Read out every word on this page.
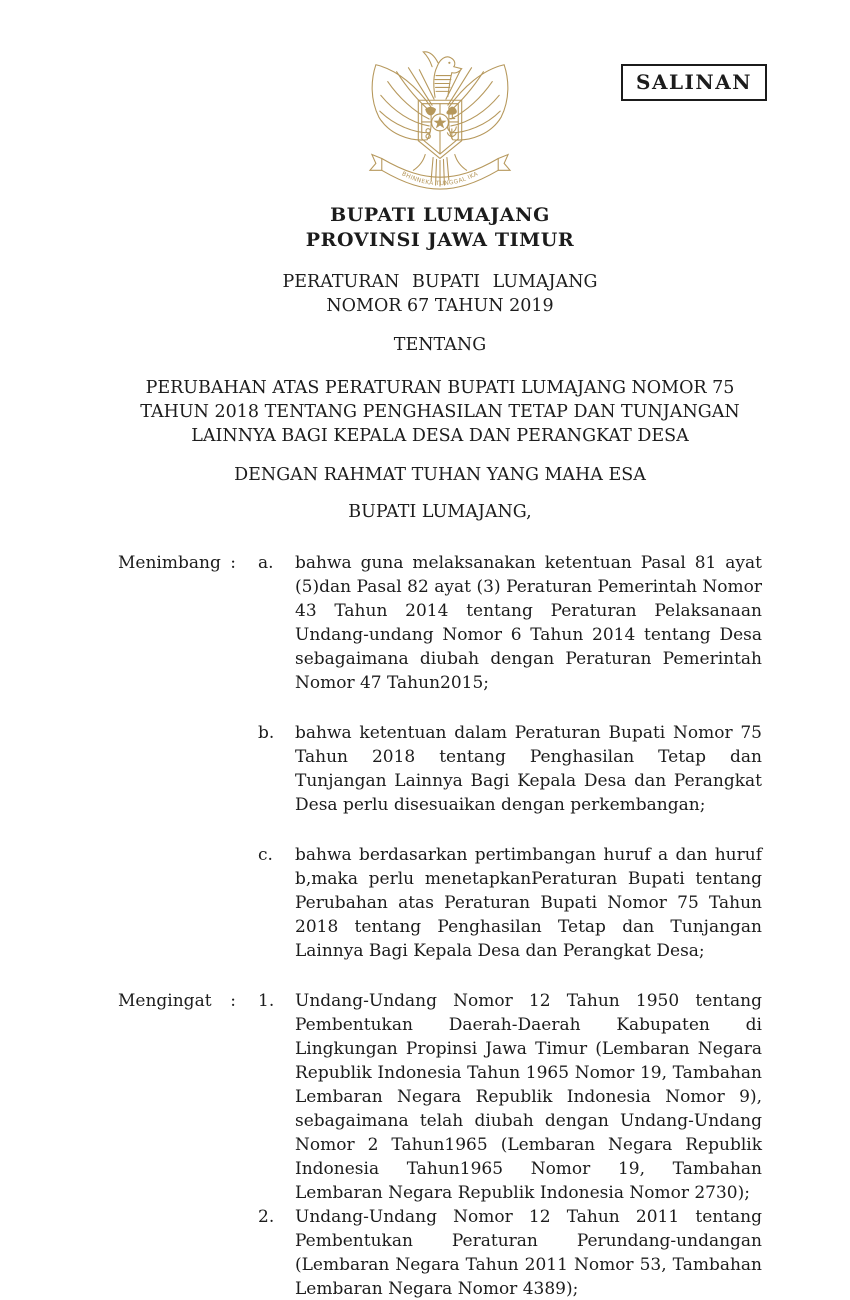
SALINAN
BHINNEKA TUNGGAL IKA
BUPATI LUMAJANG
PROVINSI JAWA TIMUR
PERATURAN BUPATI LUMAJANG
NOMOR 67 TAHUN 2019
TENTANG
PERUBAHAN ATAS PERATURAN BUPATI LUMAJANG NOMOR 75 TAHUN 2018 TENTANG PENGHASILAN TETAP DAN TUNJANGAN LAINNYA BAGI KEPALA DESA DAN PERANGKAT DESA
DENGAN RAHMAT TUHAN YANG MAHA ESA
BUPATI LUMAJANG,
Menimbang : a.	bahwa guna melaksanakan ketentuan Pasal 81 ayat (5)dan Pasal 82 ayat (3) Peraturan Pemerintah Nomor 43 Tahun 2014 tentang Peraturan Pelaksanaan Undang-undang Nomor 6 Tahun 2014 tentang Desa sebagaimana diubah dengan Peraturan Pemerintah Nomor 47 Tahun2015;
b.	bahwa ketentuan dalam Peraturan Bupati Nomor 75 Tahun 2018 tentang Penghasilan Tetap dan Tunjangan Lainnya Bagi Kepala Desa dan Perangkat Desa perlu disesuaikan dengan perkembangan;
c.	bahwa berdasarkan pertimbangan huruf a dan huruf b,maka perlu menetapkanPeraturan Bupati tentang Perubahan atas Peraturan Bupati Nomor 75 Tahun 2018 tentang Penghasilan Tetap dan Tunjangan Lainnya Bagi Kepala Desa dan Perangkat Desa;
Mengingat : 1.	Undang-Undang Nomor 12 Tahun 1950 tentang Pembentukan Daerah-Daerah Kabupaten di Lingkungan Propinsi Jawa Timur (Lembaran Negara Republik Indonesia Tahun 1965 Nomor 19, Tambahan Lembaran Negara Republik Indonesia Nomor 9), sebagaimana telah diubah dengan Undang-Undang Nomor 2 Tahun1965 (Lembaran Negara Republik Indonesia Tahun1965 Nomor 19, Tambahan Lembaran Negara Republik Indonesia Nomor 2730);
2.	Undang-Undang Nomor 12 Tahun 2011 tentang Pembentukan Peraturan Perundang-undangan (Lembaran Negara Tahun 2011 Nomor 53, Tambahan Lembaran Negara Nomor 4389);
